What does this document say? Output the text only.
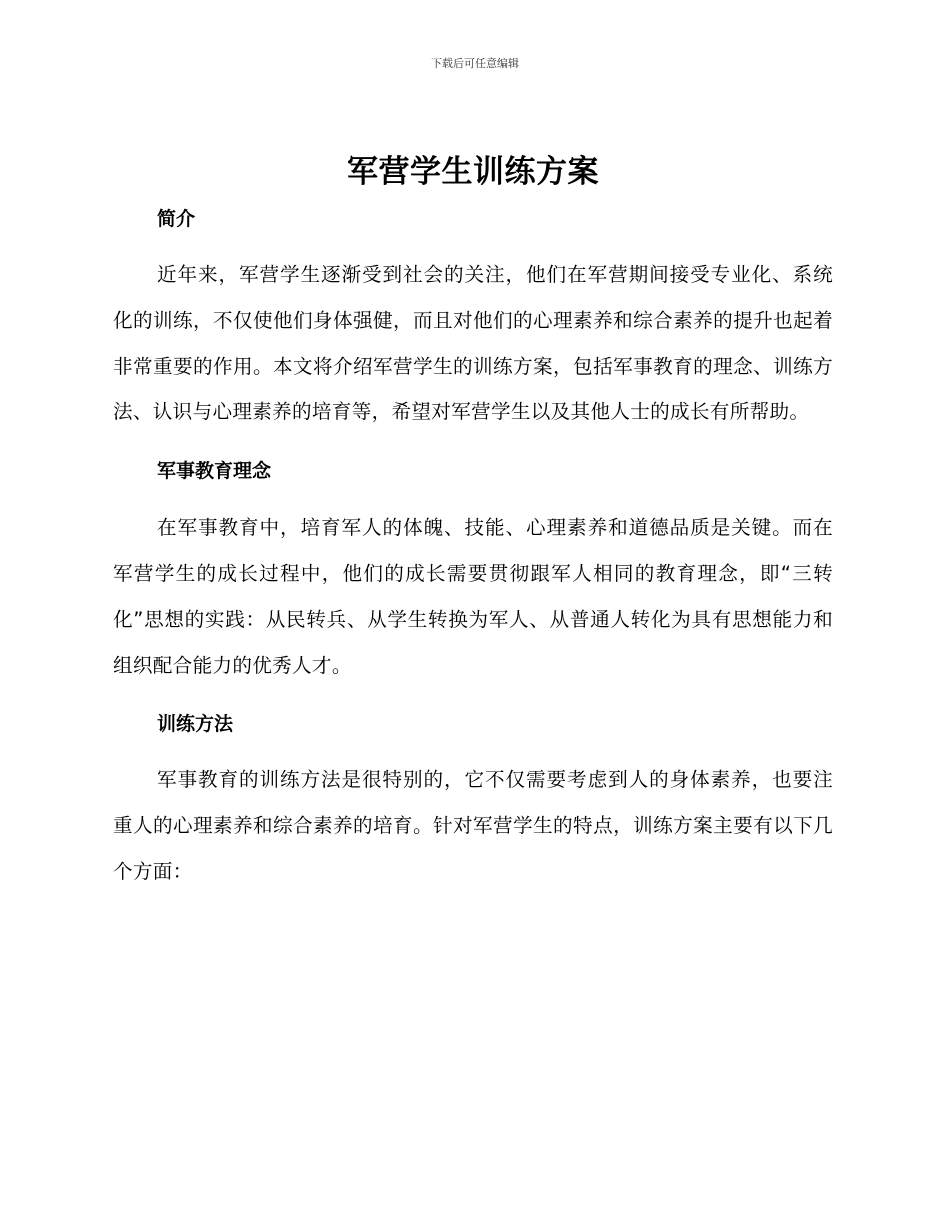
下载后可任意编辑
军营学生训练方案
简介

近年来，军营学生逐渐受到社会的关注，他们在军营期间接受专业化、系统化的训练，不仅使他们身体强健，而且对他们的心理素养和综合素养的提升也起着非常重要的作用。本文将介绍军营学生的训练方案，包括军事教育的理念、训练方法、认识与心理素养的培育等，希望对军营学生以及其他人士的成长有所帮助。

军事教育理念

在军事教育中，培育军人的体魄、技能、心理素养和道德品质是关键。而在军营学生的成长过程中，他们的成长需要贯彻跟军人相同的教育理念，即“三转化”思想的实践：从民转兵、从学生转换为军人、从普通人转化为具有思想能力和组织配合能力的优秀人才。

训练方法

军事教育的训练方法是很特别的，它不仅需要考虑到人的身体素养，也要注重人的心理素养和综合素养的培育。针对军营学生的特点，训练方案主要有以下几个方面：
